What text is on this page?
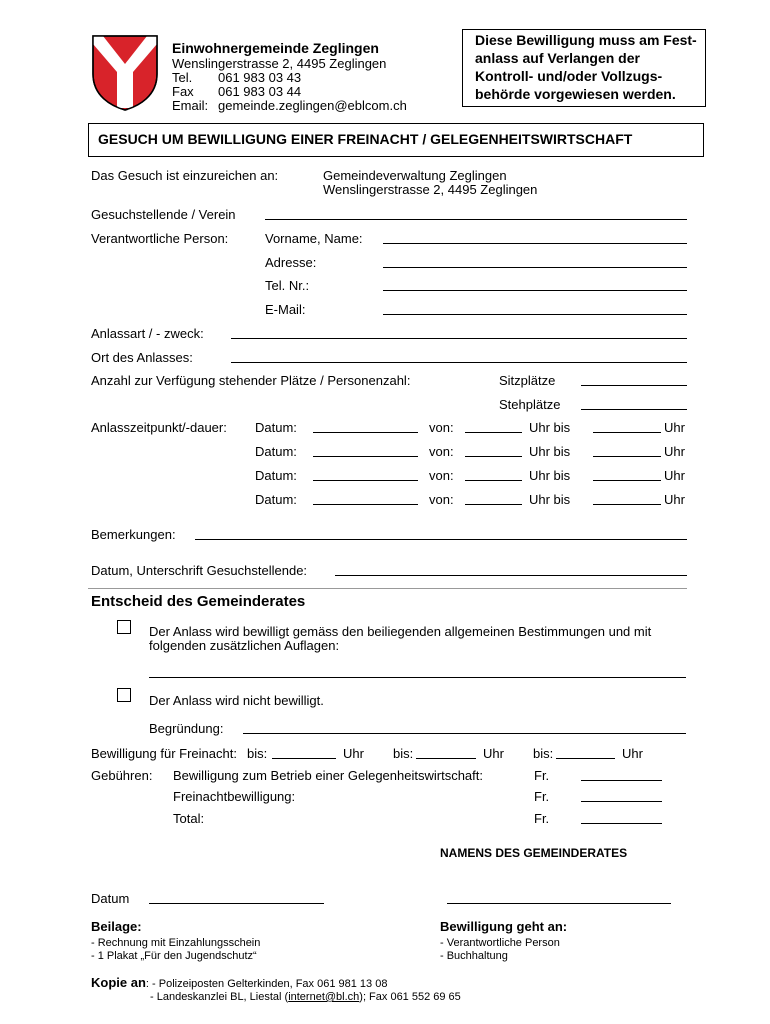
Einwohnergemeinde Zeglingen
Wenslingerstrasse 2, 4495 Zeglingen
Tel. 061 983 03 43
Fax 061 983 03 44
Email: gemeinde.zeglingen@eblcom.ch
Diese Bewilligung muss am Fest-
anlass auf Verlangen der
Kontroll- und/oder Vollzugs-
behörde vorgewiesen werden.
GESUCH UM BEWILLIGUNG EINER FREINACHT / GELEGENHEITSWIRTSCHAFT
Das Gesuch ist einzureichen an:	Gemeindeverwaltung Zeglingen
Wenslingerstrasse 2, 4495 Zeglingen
Gesuchstellende / Verein
Verantwortliche Person:	Vorname, Name:
Adresse:
Tel. Nr.:
E-Mail:
Anlassart / - zweck:
Ort des Anlasses:
Anzahl zur Verfügung stehender Plätze / Personenzahl:	Sitzplätze
Stehplätze
Anlasszeitpunkt/-dauer: Datum:	von:	Uhr bis	Uhr
Datum:	von:	Uhr bis	Uhr
Datum:	von:	Uhr bis	Uhr
Datum:	von:	Uhr bis	Uhr
Bemerkungen:
Datum, Unterschrift Gesuchstellende:
Entscheid des Gemeinderates
Der Anlass wird bewilligt gemäss den beiliegenden allgemeinen Bestimmungen und mit
folgenden zusätzlichen Auflagen:
Der Anlass wird nicht bewilligt.
Begründung:
Bewilligung für Freinacht: bis:	Uhr bis:	Uhr bis:	Uhr
Gebühren: Bewilligung zum Betrieb einer Gelegenheitswirtschaft:	Fr.
Freinachtbewilligung:	Fr.
Total:	Fr.
NAMENS DES GEMEINDERATES
Datum
Beilage:
- Rechnung mit Einzahlungsschein
- 1 Plakat „Für den Jugendschutz“
Bewilligung geht an:
- Verantwortliche Person
- Buchhaltung
Kopie an: - Polizeiposten Gelterkinden, Fax 061 981 13 08
- Landeskanzlei BL, Liestal (internet@bl.ch); Fax 061 552 69 65
